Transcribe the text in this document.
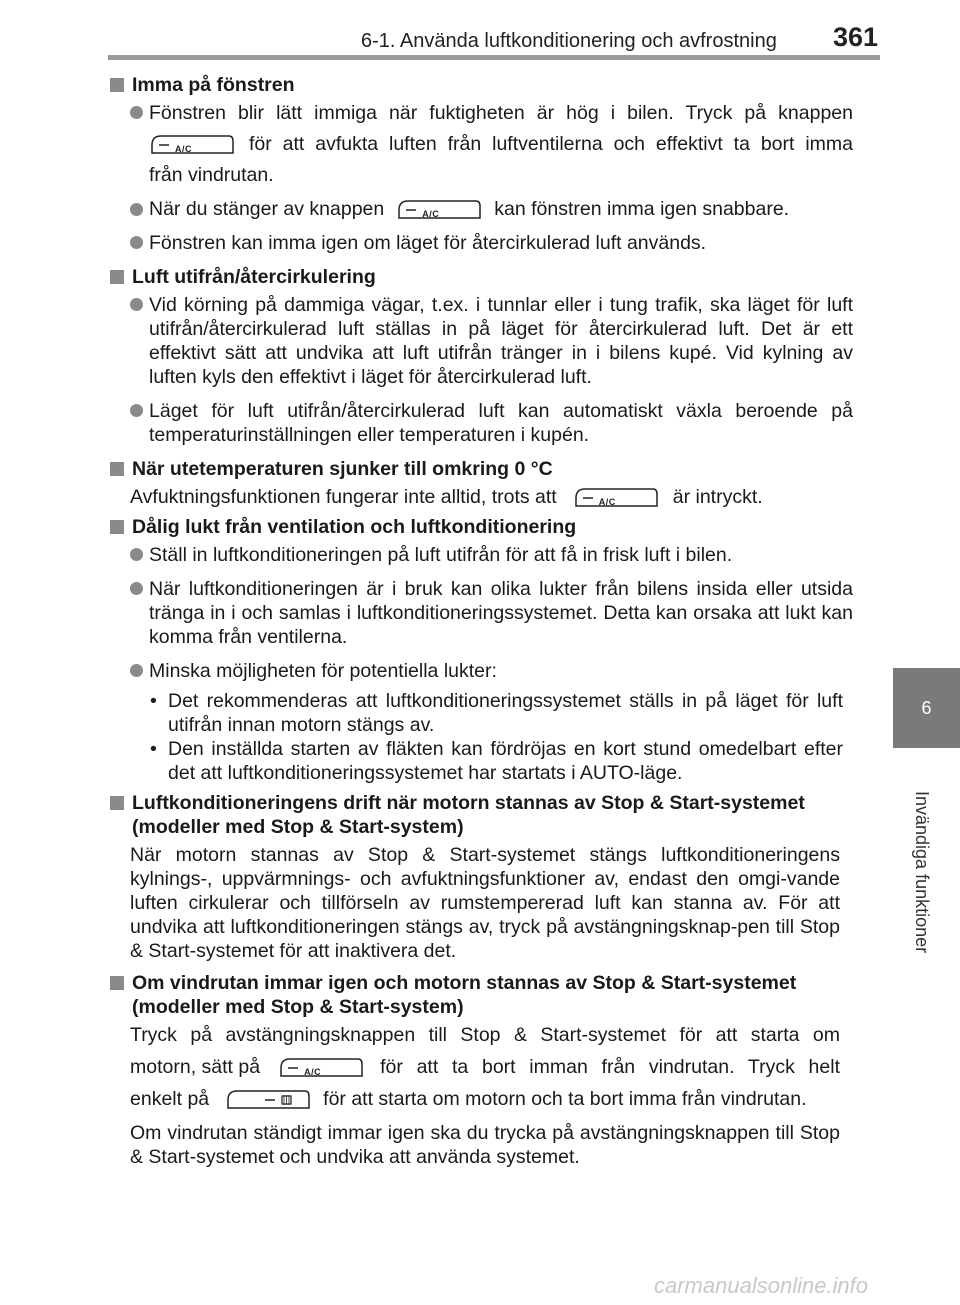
6-1. Använda luftkonditionering och avfrostning 361
6
Invändiga funktioner
Imma på fönstren
Fönstren blir lätt immiga när fuktigheten är hög i bilen. Tryck på knappen
A/C	för att avfukta luften från luftventilerna och effektivt ta bort imma
från vindrutan.
När du stänger av knappen	A/C	kan fönstren imma igen snabbare.
Fönstren kan imma igen om läget för återcirkulerad luft används.
Luft utifrån/återcirkulering
Vid körning på dammiga vägar, t.ex. i tunnlar eller i tung trafik, ska läget för luft utifrån/återcirkulerad luft ställas in på läget för återcirkulerad luft. Det är ett effektivt sätt att undvika att luft utifrån tränger in i bilens kupé. Vid kylning av luften kyls den effektivt i läget för återcirkulerad luft.
Läget för luft utifrån/återcirkulerad luft kan automatiskt växla beroende på temperaturinställningen eller temperaturen i kupén.
När utetemperaturen sjunker till omkring 0 °C
Avfuktningsfunktionen fungerar inte alltid, trots att	A/C	är intryckt.
Dålig lukt från ventilation och luftkonditionering
Ställ in luftkonditioneringen på luft utifrån för att få in frisk luft i bilen.
När luftkonditioneringen är i bruk kan olika lukter från bilens insida eller utsida tränga in i och samlas i luftkonditioneringssystemet. Detta kan orsaka att lukt kan komma från ventilerna.
Minska möjligheten för potentiella lukter:
• Det rekommenderas att luftkonditioneringssystemet ställs in på läget för luft utifrån innan motorn stängs av.
• Den inställda starten av fläkten kan fördröjas en kort stund omedelbart efter det att luftkonditioneringssystemet har startats i AUTO-läge.
Luftkonditioneringens drift när motorn stannas av Stop & Start-systemet (modeller med Stop & Start-system)
När motorn stannas av Stop & Start-systemet stängs luftkonditioneringens kylnings-, uppvärmnings- och avfuktningsfunktioner av, endast den omgi-vande luften cirkulerar och tillförseln av rumstempererad luft kan stanna av. För att undvika att luftkonditioneringen stängs av, tryck på avstängningsknap-pen till Stop & Start-systemet för att inaktivera det.
Om vindrutan immar igen och motorn stannas av Stop & Start-systemet (modeller med Stop & Start-system)
Tryck på avstängningsknappen till Stop & Start-systemet för att starta om
motorn, sätt på	A/C	för att ta bort imman från vindrutan. Tryck helt
enkelt på	för att starta om motorn och ta bort imma från vindrutan.
Om vindrutan ständigt immar igen ska du trycka på avstängningsknappen till Stop & Start-systemet och undvika att använda systemet.
carmanualsonline.info
